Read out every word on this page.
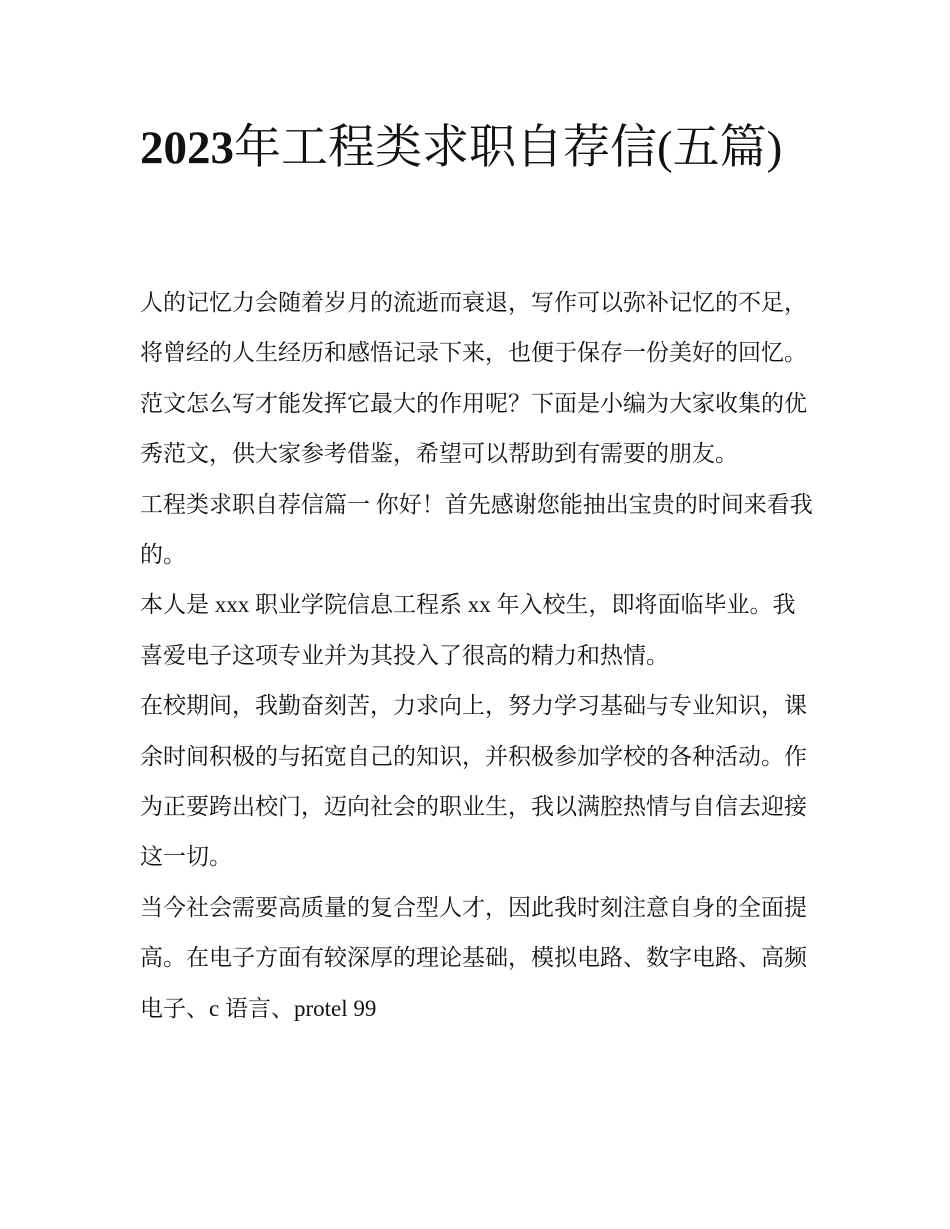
2023年工程类求职自荐信(五篇)

人的记忆力会随着岁月的流逝而衰退，写作可以弥补记忆的不足，将曾经的人生经历和感悟记录下来，也便于保存一份美好的回忆。范文怎么写才能发挥它最大的作用呢？下面是小编为大家收集的优秀范文，供大家参考借鉴，希望可以帮助到有需要的朋友。

工程类求职自荐信篇一 你好！首先感谢您能抽出宝贵的时间来看我的。

本人是 xxx 职业学院信息工程系 xx 年入校生，即将面临毕业。我喜爱电子这项专业并为其投入了很高的精力和热情。

在校期间，我勤奋刻苦，力求向上，努力学习基础与专业知识，课余时间积极的与拓宽自己的知识，并积极参加学校的各种活动。作为正要跨出校门，迈向社会的职业生，我以满腔热情与自信去迎接这一切。

当今社会需要高质量的复合型人才，因此我时刻注意自身的全面提高。在电子方面有较深厚的理论基础，模拟电路、数字电路、高频电子、c 语言、protel 99
